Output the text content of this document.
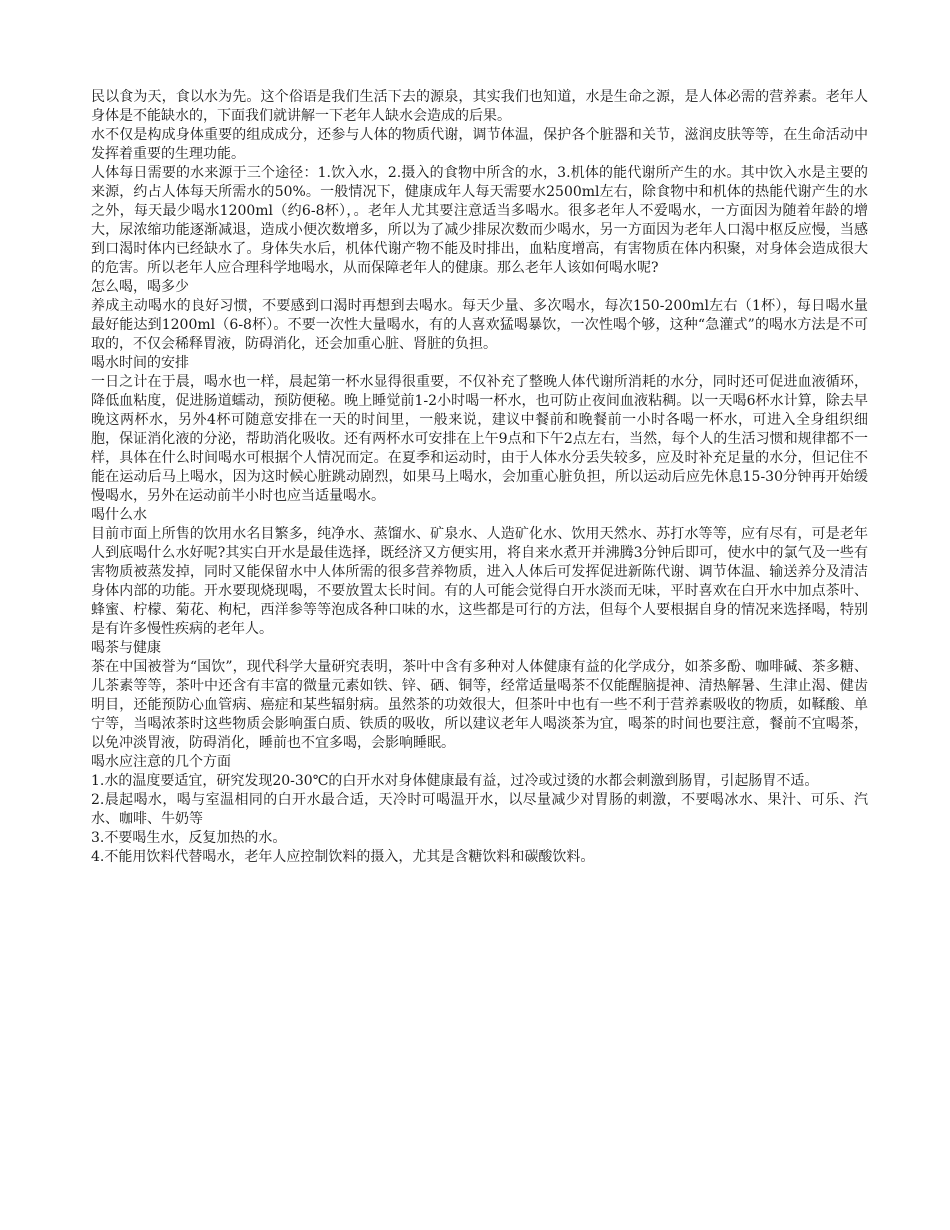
民以食为天，食以水为先。这个俗语是我们生活下去的源泉，其实我们也知道，水是生命之源，是人体必需的营养素。老年人身体是不能缺水的，下面我们就讲解一下老年人缺水会造成的后果。

水不仅是构成身体重要的组成成分，还参与人体的物质代谢，调节体温，保护各个脏器和关节，滋润皮肤等等，在生命活动中发挥着重要的生理功能。

人体每日需要的水来源于三个途径：1.饮入水，2.摄入的食物中所含的水，3.机体的能代谢所产生的水。其中饮入水是主要的来源，约占人体每天所需水的50%。一般情况下，健康成年人每天需要水2500ml左右，除食物中和机体的热能代谢产生的水之外，每天最少喝水1200ml（约6-8杯），。老年人尤其要注意适当多喝水。很多老年人不爱喝水，一方面因为随着年龄的增大，尿浓缩功能逐渐减退，造成小便次数增多，所以为了减少排尿次数而少喝水，另一方面因为老年人口渴中枢反应慢，当感到口渴时体内已经缺水了。身体失水后，机体代谢产物不能及时排出，血粘度增高，有害物质在体内积聚，对身体会造成很大的危害。所以老年人应合理科学地喝水，从而保障老年人的健康。那么老年人该如何喝水呢?

怎么喝，喝多少

养成主动喝水的良好习惯，不要感到口渴时再想到去喝水。每天少量、多次喝水，每次150-200ml左右（1杯），每日喝水量最好能达到1200ml（6-8杯）。不要一次性大量喝水，有的人喜欢猛喝暴饮，一次性喝个够，这种“急灌式”的喝水方法是不可取的，不仅会稀释胃液，防碍消化，还会加重心脏、肾脏的负担。

喝水时间的安排

一日之计在于晨，喝水也一样，晨起第一杯水显得很重要，不仅补充了整晚人体代谢所消耗的水分，同时还可促进血液循环，降低血粘度，促进肠道蠕动，预防便秘。晚上睡觉前1-2小时喝一杯水，也可防止夜间血液粘稠。以一天喝6杯水计算，除去早晚这两杯水，另外4杯可随意安排在一天的时间里，一般来说，建议中餐前和晚餐前一小时各喝一杯水，可进入全身组织细胞，保证消化液的分泌，帮助消化吸收。还有两杯水可安排在上午9点和下午2点左右，当然，每个人的生活习惯和规律都不一样，具体在什么时间喝水可根据个人情况而定。在夏季和运动时，由于人体水分丢失较多，应及时补充足量的水分，但记住不能在运动后马上喝水，因为这时候心脏跳动剧烈，如果马上喝水，会加重心脏负担，所以运动后应先休息15-30分钟再开始缓慢喝水，另外在运动前半小时也应当适量喝水。

喝什么水

目前市面上所售的饮用水名目繁多，纯净水、蒸馏水、矿泉水、人造矿化水、饮用天然水、苏打水等等，应有尽有，可是老年人到底喝什么水好呢?其实白开水是最佳选择，既经济又方便实用，将自来水煮开并沸腾3分钟后即可，使水中的氯气及一些有害物质被蒸发掉，同时又能保留水中人体所需的很多营养物质，进入人体后可发挥促进新陈代谢、调节体温、输送养分及清洁身体内部的功能。开水要现烧现喝，不要放置太长时间。有的人可能会觉得白开水淡而无味，平时喜欢在白开水中加点茶叶、蜂蜜、柠檬、菊花、枸杞，西洋参等等泡成各种口味的水，这些都是可行的方法，但每个人要根据自身的情况来选择喝，特别是有许多慢性疾病的老年人。

喝茶与健康

茶在中国被誉为“国饮”，现代科学大量研究表明，茶叶中含有多种对人体健康有益的化学成分，如茶多酚、咖啡碱、茶多糖、儿茶素等等，茶叶中还含有丰富的微量元素如铁、锌、硒、铜等，经常适量喝茶不仅能醒脑提神、清热解暑、生津止渴、健齿明目，还能预防心血管病、癌症和某些辐射病。虽然茶的功效很大，但茶叶中也有一些不利于营养素吸收的物质，如鞣酸、单宁等，当喝浓茶时这些物质会影响蛋白质、铁质的吸收，所以建议老年人喝淡茶为宜，喝茶的时间也要注意，餐前不宜喝茶，以免冲淡胃液，防碍消化，睡前也不宜多喝，会影响睡眠。

喝水应注意的几个方面

1.水的温度要适宜，研究发现20-30℃的白开水对身体健康最有益，过冷或过烫的水都会刺激到肠胃，引起肠胃不适。

2.晨起喝水，喝与室温相同的白开水最合适，天冷时可喝温开水，以尽量减少对胃肠的刺激，不要喝冰水、果汁、可乐、汽水、咖啡、牛奶等

3.不要喝生水，反复加热的水。

4.不能用饮料代替喝水，老年人应控制饮料的摄入，尤其是含糖饮料和碳酸饮料。
